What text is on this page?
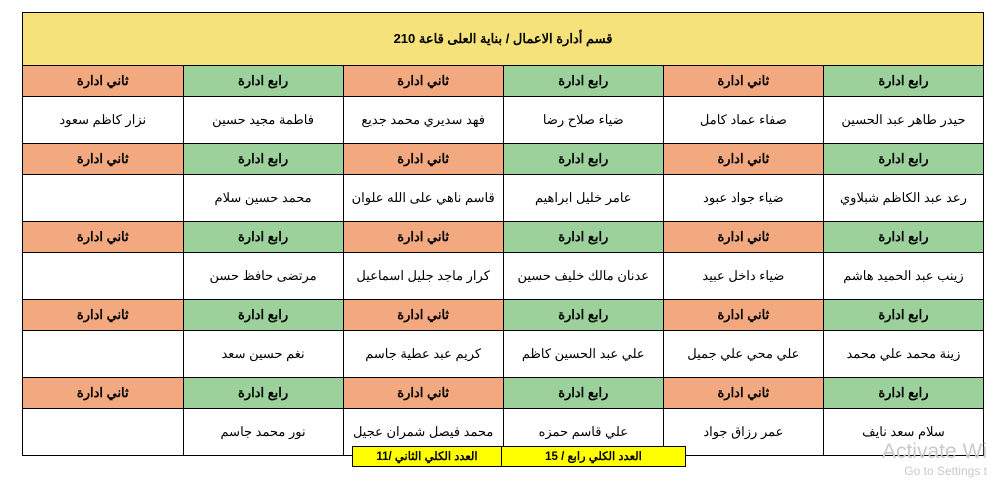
قسم أدارة الاعمال / بناية العلى قاعة 210					
رابع ادارة	ثاني ادارة	رابع ادارة	ثاني ادارة	رابع ادارة	ثاني ادارة
حيدر طاهر عبد الحسين	صفاء عماد كامل	ضياء صلاح رضا	فهد سديري محمد جديع	فاطمة مجيد حسين	نزار كاظم سعود
رابع ادارة	ثاني ادارة	رابع ادارة	ثاني ادارة	رابع ادارة	ثاني ادارة
رعد عبد الكاظم شبلاوي	ضياء جواد عبود	عامر خليل ابراهيم	قاسم ناهي على الله علوان	محمد حسين سلام	
رابع ادارة	ثاني ادارة	رابع ادارة	ثاني ادارة	رابع ادارة	ثاني ادارة
زينب عبد الحميد هاشم	ضياء داخل عبيد	عدنان مالك خليف حسين	كرار ماجد جليل اسماعيل	مرتضى حافظ حسن	
رابع ادارة	ثاني ادارة	رابع ادارة	ثاني ادارة	رابع ادارة	ثاني ادارة
زينة محمد علي محمد	علي محي علي جميل	علي عبد الحسين كاظم	كريم عبد عطية جاسم	نغم حسين سعد	
رابع ادارة	ثاني ادارة	رابع ادارة	ثاني ادارة	رابع ادارة	ثاني ادارة
سلام سعد نايف	عمر رزاق جواد	علي قاسم حمزه	محمد فيصل شمران عجيل	نور محمد جاسم	
العدد الكلي رابع / 15
العدد الكلي الثاني /11	Activate Wi
Go to Settings t
